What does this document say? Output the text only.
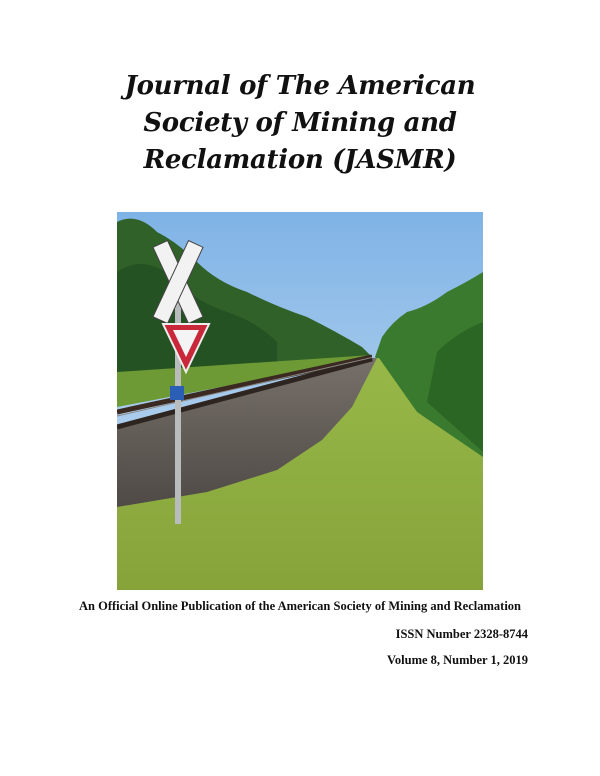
Journal of The American
Society of Mining and
Reclamation (JASMR)
An Official Online Publication of the American Society of Mining and Reclamation
ISSN Number 2328-8744
Volume 8, Number 1, 2019
